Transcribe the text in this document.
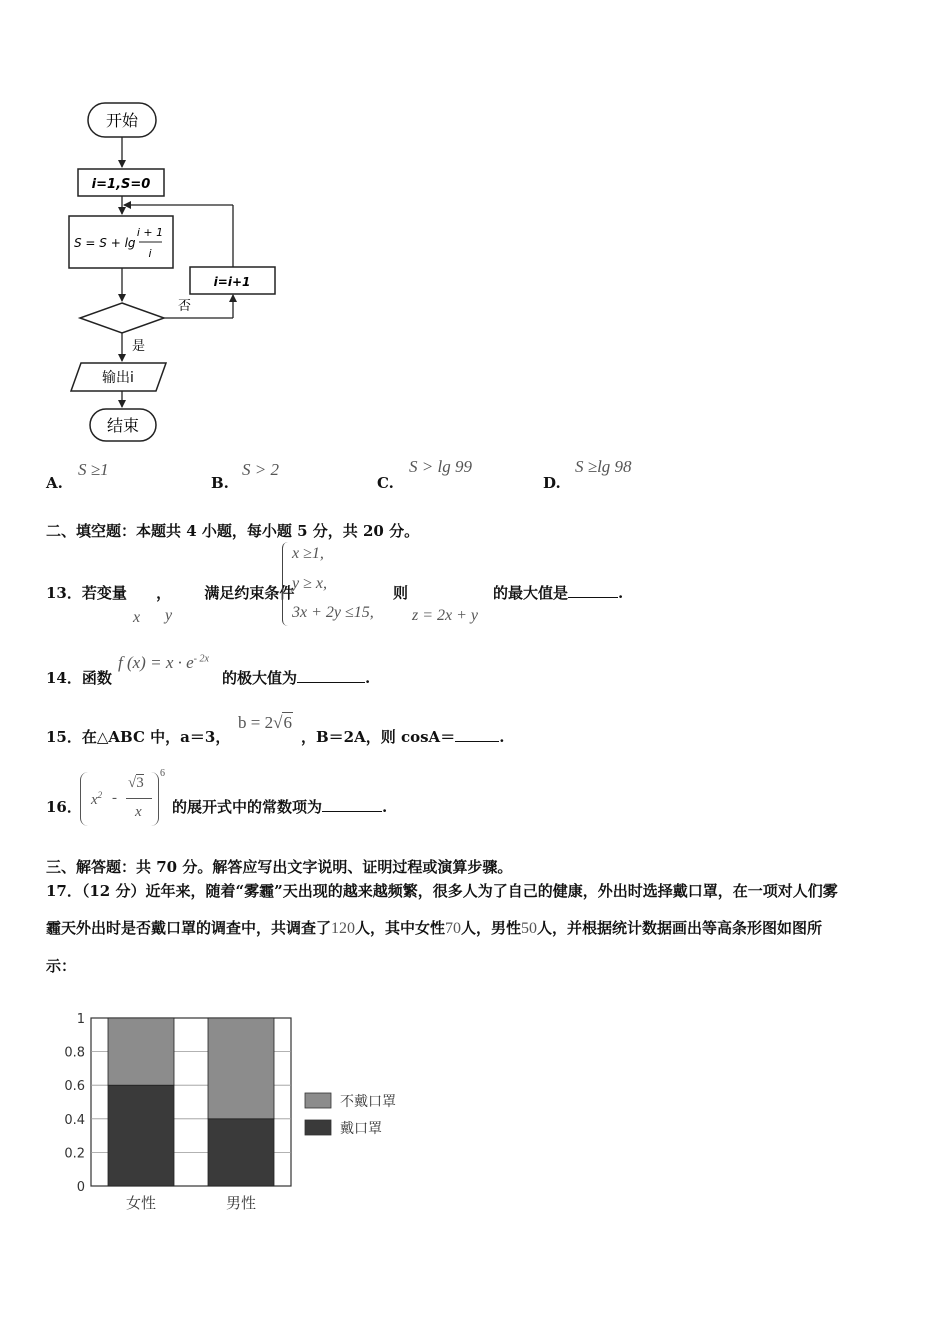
开始
i=1,S=0
S = S + lg
i + 1
i
否
i=i+1
是
输出i
结束
A.
S ≥1
B.
S > 2
C.
S > lg 99
D.
S ≥lg 98
二、填空题：本题共 4 小题，每小题 5 分，共 20 分。
13．若变量 ， 满足约束条件
x y
x ≥1,
y ≥ x,
3x + 2y ≤15,
则
z = 2x + y
的最大值是	.
14．函数
f $(x) = x \cdot e^{- 2x}$
的极大值为	.
15．在△ABC 中，a＝3，
b = 2√6
，B＝2A，则 cosA＝	.
16． $x^2$ -
√3
x
6
的展开式中的常数项为	.
三、解答题：共 70 分。解答应写出文字说明、证明过程或演算步骤。
17．（12 分）近年来，随着“雾霾”天出现的越来越频繁，很多人为了自己的健康，外出时选择戴口罩，在一项对人们雾
霾天外出时是否戴口罩的调查中，共调查了120人，其中女性70人，男性50人，并根据统计数据画出等高条形图如图所
示：
0
0.2
0.4
0.6
0.8
1
女性	男性
不戴口罩
戴口罩
